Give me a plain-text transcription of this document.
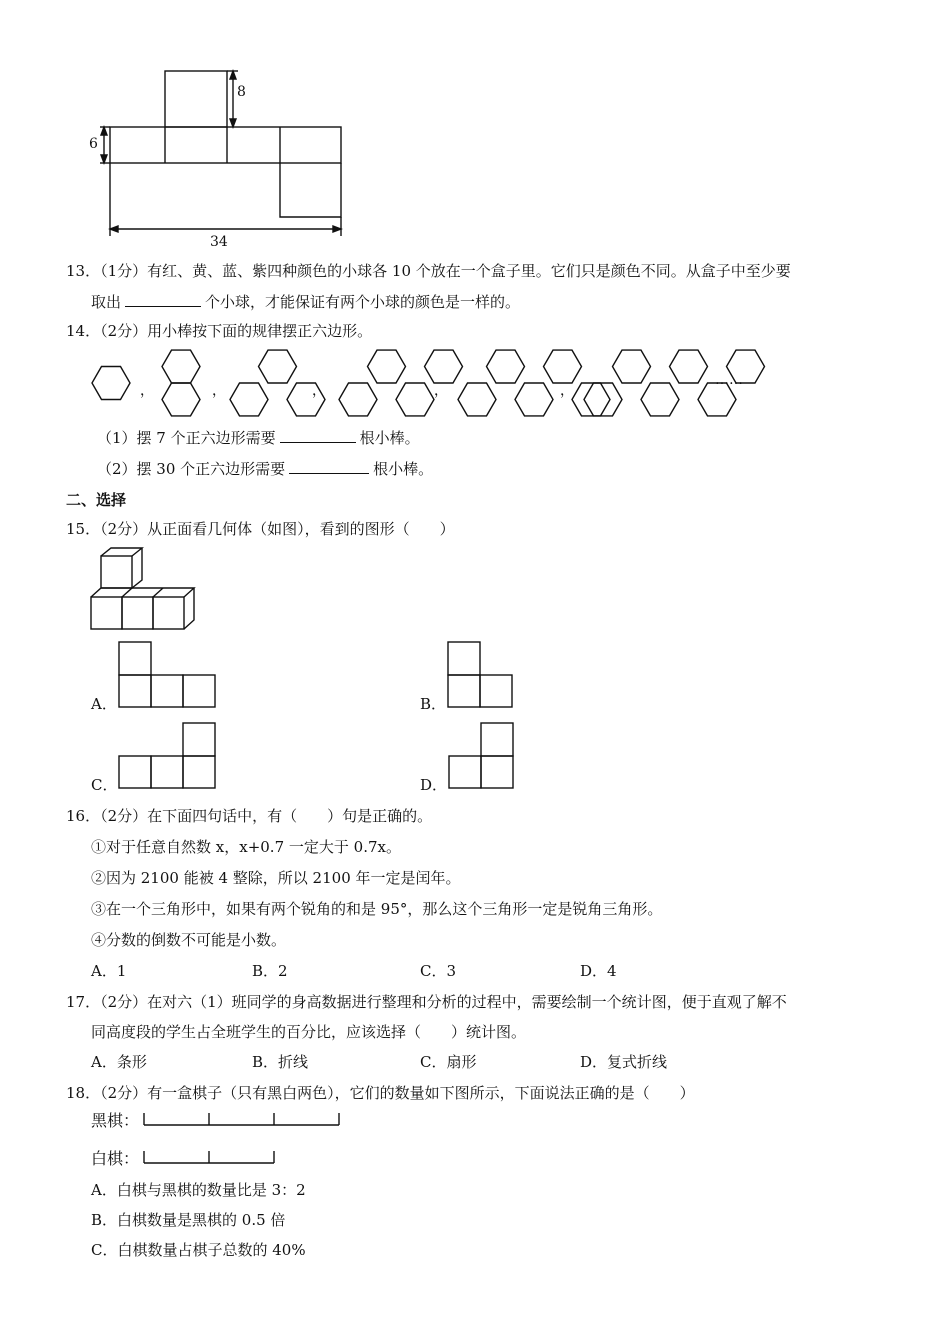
8
6
34
13．（1分）有红、黄、蓝、紫四种颜色的小球各 10 个放在一个盒子里。它们只是颜色不同。从盒子中至少要
取出	个小球，才能保证有两个小球的颜色是一样的。
14．（2分）用小棒按下面的规律摆正六边形。
，	，	，	，	，
……
（1）摆 7 个正六边形需要	根小棒。
（2）摆 30 个正六边形需要	根小棒。
二、选择
15．（2分）从正面看几何体（如图），看到的图形（　　）
A．	B．
C．	D．
16．（2分）在下面四句话中，有（　　）句是正确的。
①对于任意自然数 x，x+0.7 一定大于 0.7x。
②因为 2100 能被 4 整除，所以 2100 年一定是闰年。
③在一个三角形中，如果有两个锐角的和是 95°，那么这个三角形一定是锐角三角形。
④分数的倒数不可能是小数。
A．1	B．2	C．3	D．4
17．（2分）在对六（1）班同学的身高数据进行整理和分析的过程中，需要绘制一个统计图，便于直观了解不
同高度段的学生占全班学生的百分比，应该选择（　　）统计图。
A．条形	B．折线	C．扇形	D．复式折线
18．（2分）有一盒棋子（只有黑白两色），它们的数量如下图所示，下面说法正确的是（　　）
黑棋：
白棋：
A．白棋与黑棋的数量比是 3：2
B．白棋数量是黑棋的 0.5 倍
C．白棋数量占棋子总数的 40%
